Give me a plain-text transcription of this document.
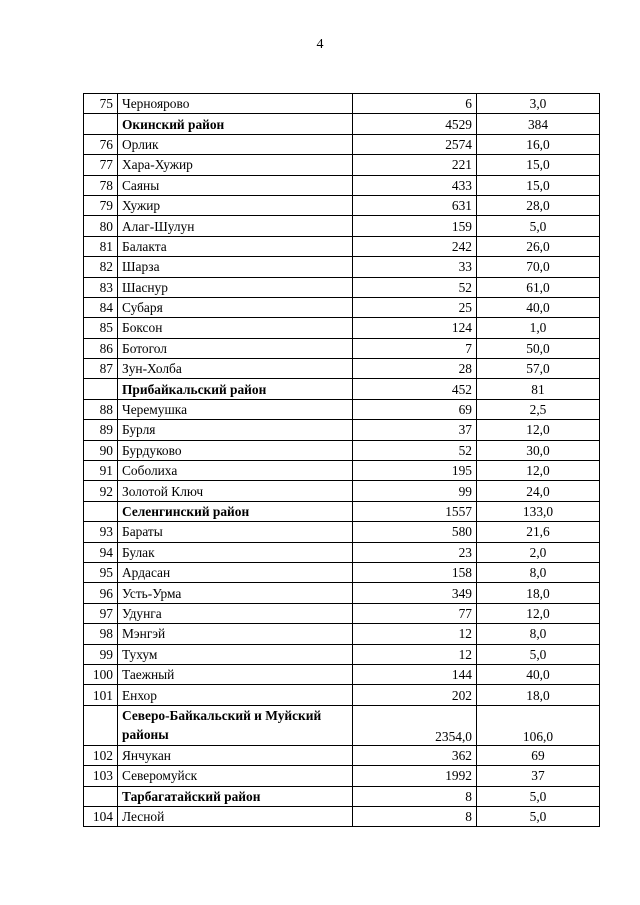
4
75	Черноярово	6	3,0
	Окинский район	4529	384
76	Орлик	2574	16,0
77	Хара-Хужир	221	15,0
78	Саяны	433	15,0
79	Хужир	631	28,0
80	Алаг-Шулун	159	5,0
81	Балакта	242	26,0
82	Шарза	33	70,0
83	Шаснур	52	61,0
84	Субаря	25	40,0
85	Боксон	124	1,0
86	Ботогол	7	50,0
87	Зун-Холба	28	57,0
	Прибайкальский район	452	81
88	Черемушка	69	2,5
89	Бурля	37	12,0
90	Бурдуково	52	30,0
91	Соболиха	195	12,0
92	Золотой Ключ	99	24,0
	Селенгинский район	1557	133,0
93	Бараты	580	21,6
94	Булак	23	2,0
95	Ардасан	158	8,0
96	Усть-Урма	349	18,0
97	Удунга	77	12,0
98	Мэнгэй	12	8,0
99	Тухум	12	5,0
100	Таежный	144	40,0
101	Енхор	202	18,0
	Северо-Байкальский и Муйский районы	2354,0	106,0
102	Янчукан	362	69
103	Северомуйск	1992	37
	Тарбагатайский район	8	5,0
104	Лесной	8	5,0
